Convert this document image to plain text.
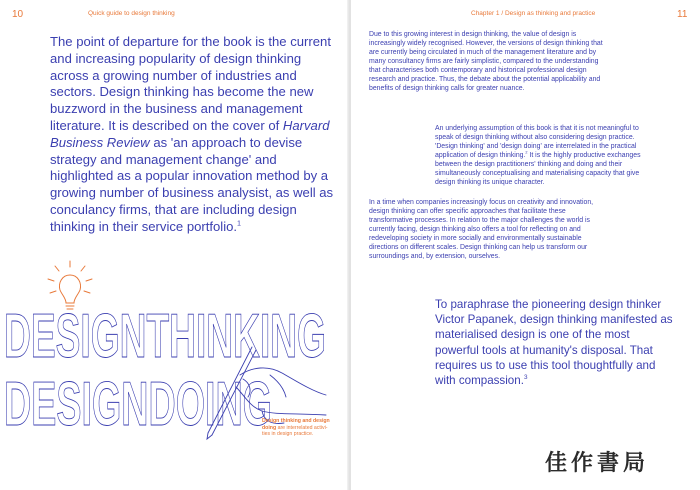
10	Quick guide to design thinking

The point of departure for the book is the current and increasing popularity of design thinking across a growing number of industries and sectors. Design thinking has become the new buzzword in the business and management literature. It is described on the cover of Harvard Business Review as 'an approach to devise strategy and management change' and highlighted as a popular innovation method by a growing number of business analysist, as well as conculancy firms, that are including design thinking in their service portfolio.$^1$

DESIGNTHINKING
DESIGNDOING

Design thinking and design doing are interrelated activities in design practice.

Chapter 1 / Design as thinking and practice	11

Due to this growing interest in design thinking, the value of design is increasingly widely recognised. However, the versions of design thinking that are currently being circulated in much of the management literature and by many consultancy firms are fairly simplistic, compared to the understanding that characterises both contemporary and historical professional design research and practice. Thus, the debate about the potential applicability and benefits of design thinking calls for greater nuance.

An underlying assumption of this book is that it is not meaningful to speak of design thinking without also considering design practice. 'Design thinking' and 'design doing' are interrelated in the practical application of design thinking.$^2$ It is the highly productive exchanges between the design practitioners' thinking and doing and their simultaneously conceptualising and materialising capacity that give design thinking its unique character.

In a time when companies increasingly focus on creativity and innovation, design thinking can offer specific approaches that facilitate these transformative processes. In relation to the major challenges the world is currently facing, design thinking also offers a tool for reflecting on and redeveloping society in more socially and environmentally sustainable directions on different scales. Design thinking can help us transform our surroundings and, by extension, ourselves.

To paraphrase the pioneering design thinker Victor Papanek, design thinking manifested as materialised design is one of the most powerful tools at humanity's disposal. That requires us to use this tool thoughtfully and with compassion.$^3$

佳作書局
